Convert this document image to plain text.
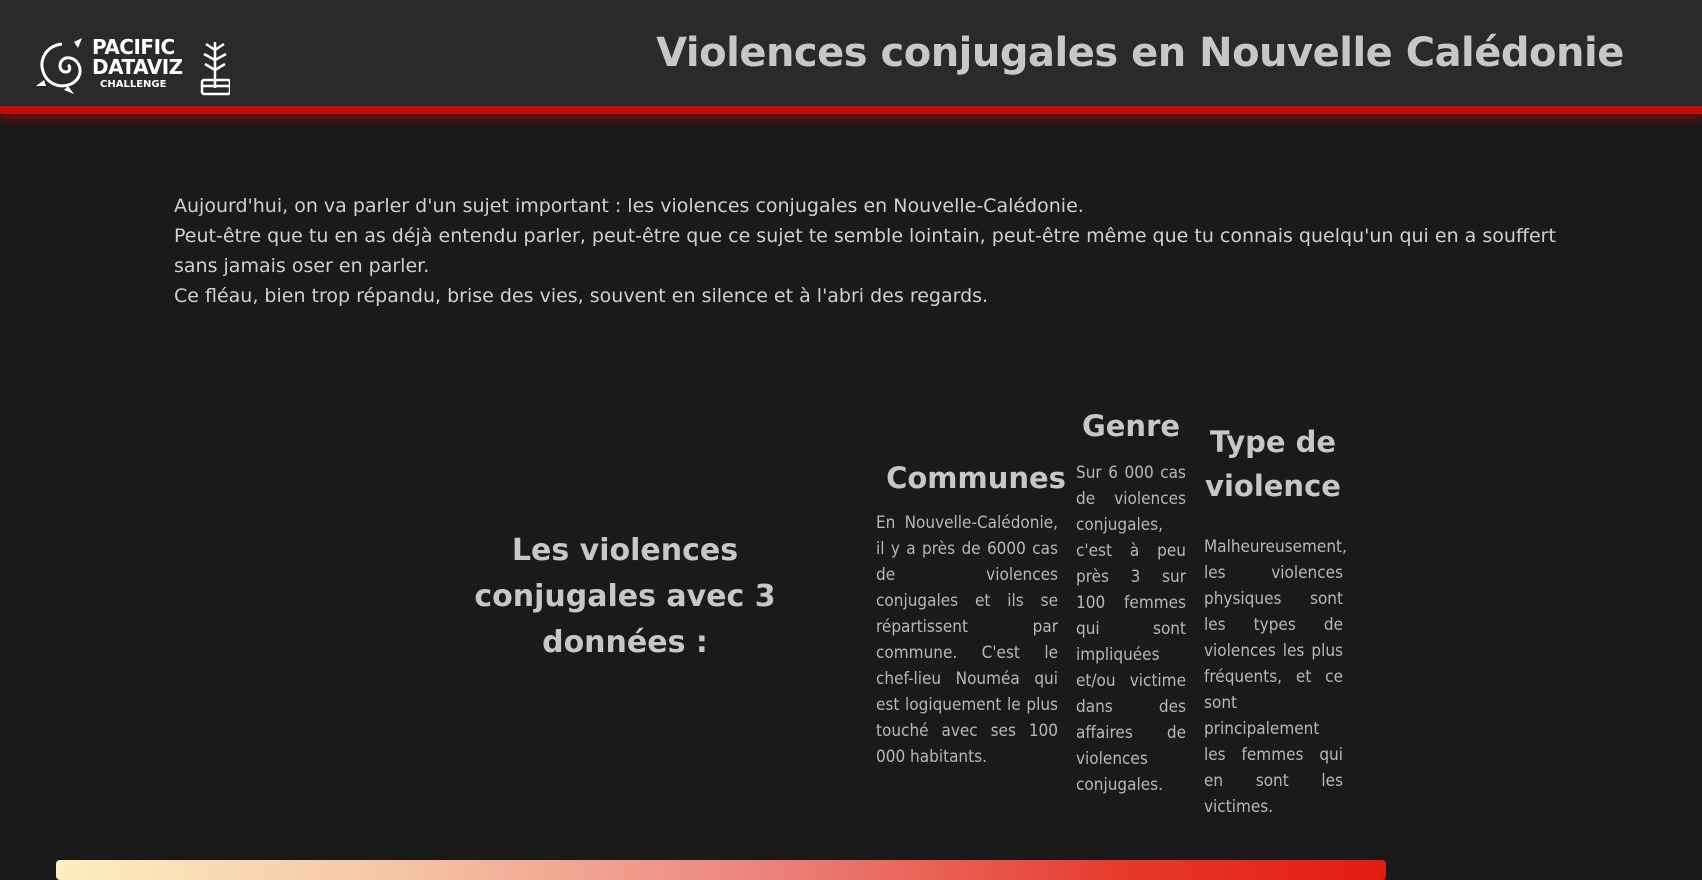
PACIFIC
DATAVIZ
CHALLENGE
Violences conjugales en Nouvelle Calédonie

Aujourd'hui, on va parler d'un sujet important : les violences conjugales en Nouvelle-Calédonie.

Peut-être que tu en as déjà entendu parler, peut-être que ce sujet te semble lointain, peut-être même que tu connais quelqu'un qui en a souffert sans jamais oser en parler.

Ce fléau, bien trop répandu, brise des vies, souvent en silence et à l'abri des regards.

Les violences conjugales avec 3 données :
Communes

En Nouvelle-Calédonie, il y a près de 6000 cas de violences conjugales et ils se répartissent par commune. C'est le chef-lieu Nouméa qui est logiquement le plus touché avec ses 100 000 habitants.

Genre

Sur 6 000 cas de violences conjugales, c'est à peu près 3 sur 100 femmes qui sont impliquées et/ou victime dans des affaires de violences conjugales.

Type de violence

Malheureusement, les violences physiques sont les types de violences les plus fréquents, et ce sont principalement les femmes qui en sont les victimes.
